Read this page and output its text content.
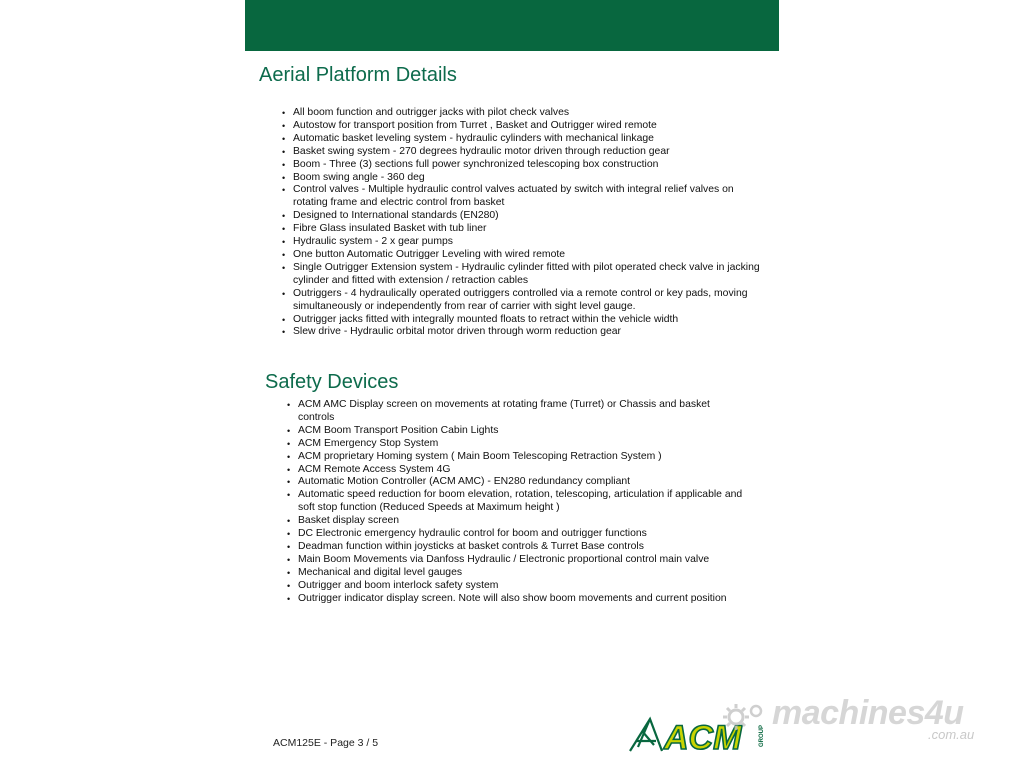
Aerial Platform Details
• All boom function and outrigger jacks with pilot check valves
• Autostow for transport position from Turret , Basket and Outrigger wired remote
• Automatic basket leveling system - hydraulic cylinders with mechanical linkage
• Basket swing system - 270 degrees hydraulic motor driven through reduction gear
• Boom - Three (3) sections full power synchronized telescoping box construction
• Boom swing angle - 360 deg
• Control valves - Multiple hydraulic control valves actuated by switch with integral relief valves on rotating frame and electric control from basket
• Designed to International standards (EN280)
• Fibre Glass insulated Basket with tub liner
• Hydraulic system - 2 x gear pumps
• One button Automatic Outrigger Leveling with wired remote
• Single Outrigger Extension system - Hydraulic cylinder fitted with pilot operated check valve in jacking cylinder and fitted with extension / retraction cables
• Outriggers - 4 hydraulically operated outriggers controlled via a remote control or key pads, moving simultaneously or independently from rear of carrier with sight level gauge.
• Outrigger jacks fitted with integrally mounted floats to retract within the vehicle width
• Slew drive - Hydraulic orbital motor driven through worm reduction gear
Safety Devices
• ACM AMC Display screen on movements at rotating frame (Turret) or Chassis and basket controls
• ACM Boom Transport Position Cabin Lights
• ACM Emergency Stop System
• ACM proprietary Homing system ( Main Boom Telescoping Retraction System )
• ACM Remote Access System 4G
• Automatic Motion Controller (ACM AMC) - EN280 redundancy compliant
• Automatic speed reduction for boom elevation, rotation, telescoping, articulation if applicable and soft stop function (Reduced Speeds at Maximum height )
• Basket display screen
• DC Electronic emergency hydraulic control for boom and outrigger functions
• Deadman function within joysticks at basket controls & Turret Base controls
• Main Boom Movements via Danfoss Hydraulic / Electronic proportional control main valve
• Mechanical and digital level gauges
• Outrigger and boom interlock safety system
• Outrigger indicator display screen. Note will also show boom movements and current position
ACM125E - Page 3 / 5	ACM	GROUP
machines4u
.com.au
